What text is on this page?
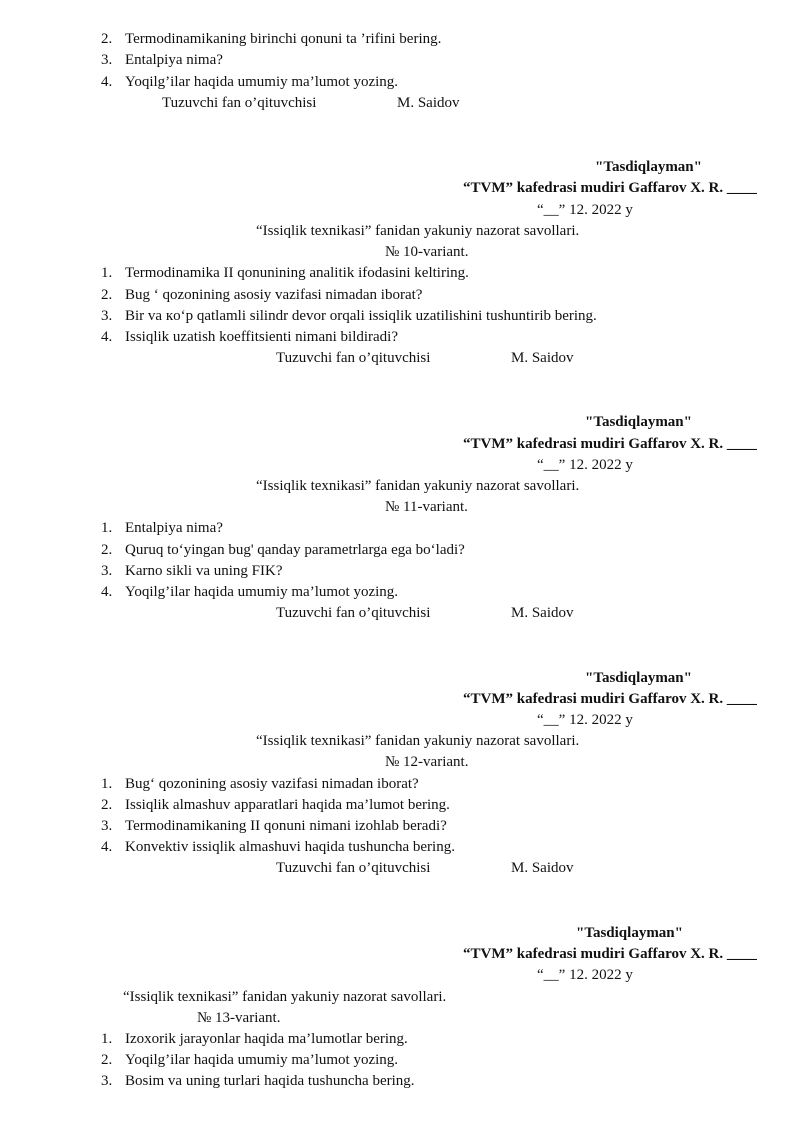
2. Termodinamikaning birinchi qonuni ta ’rifini bering.
3. Entalpiya nima?
4. Yoqilg’ilar haqida umumiy ma’lumot yozing.
Tuzuvchi fan o’qituvchisi	M. Saidov
"Tasdiqlayman"
“TVM” kafedrasi mudiri Gaffarov X. R. ____
“__” 12. 2022 y
“Issiqlik texnikasi” fanidan yakuniy nazorat savollari.
№ 10-variant.
1. Termodinamika II qonunining analitik ifodasini keltiring.
2. Bug ‘ qozonining asosiy vazifasi nimadan iborat?
3. Bir va кo‘p qatlamli silindr devor orqali issiqlik uzatilishini tushuntirib bering.
4. Issiqlik uzatish koeffitsienti nimani bildiradi?
Tuzuvchi fan o’qituvchisi	M. Saidov
"Tasdiqlayman"
“TVM” kafedrasi mudiri Gaffarov X. R. ____
“__” 12. 2022 y
“Issiqlik texnikasi” fanidan yakuniy nazorat savollari.
№ 11-variant.
1. Entalpiya nima?
2. Quruq to‘yingan bug' qanday parametrlarga ega bo‘ladi?
3. Karno sikli va uning FIK?
4. Yoqilg’ilar haqida umumiy ma’lumot yozing.
Tuzuvchi fan o’qituvchisi	M. Saidov
"Tasdiqlayman"
“TVM” kafedrasi mudiri Gaffarov X. R. ____
“__” 12. 2022 y
“Issiqlik texnikasi” fanidan yakuniy nazorat savollari.
№ 12-variant.
1. Bug‘ qozonining asosiy vazifasi nimadan iborat?
2. Issiqlik almashuv apparatlari haqida ma’lumot bering.
3. Termodinamikaning II qonuni nimani izohlab beradi?
4. Konvektiv issiqlik almashuvi haqida tushuncha bering.
Tuzuvchi fan o’qituvchisi	M. Saidov
"Tasdiqlayman"
“TVM” kafedrasi mudiri Gaffarov X. R. ____
“__” 12. 2022 y
“Issiqlik texnikasi” fanidan yakuniy nazorat savollari.
№ 13-variant.
1. Izoxorik jarayonlar haqida ma’lumotlar bering.
2. Yoqilg’ilar haqida umumiy ma’lumot yozing.
3. Bosim va uning turlari haqida tushuncha bering.
